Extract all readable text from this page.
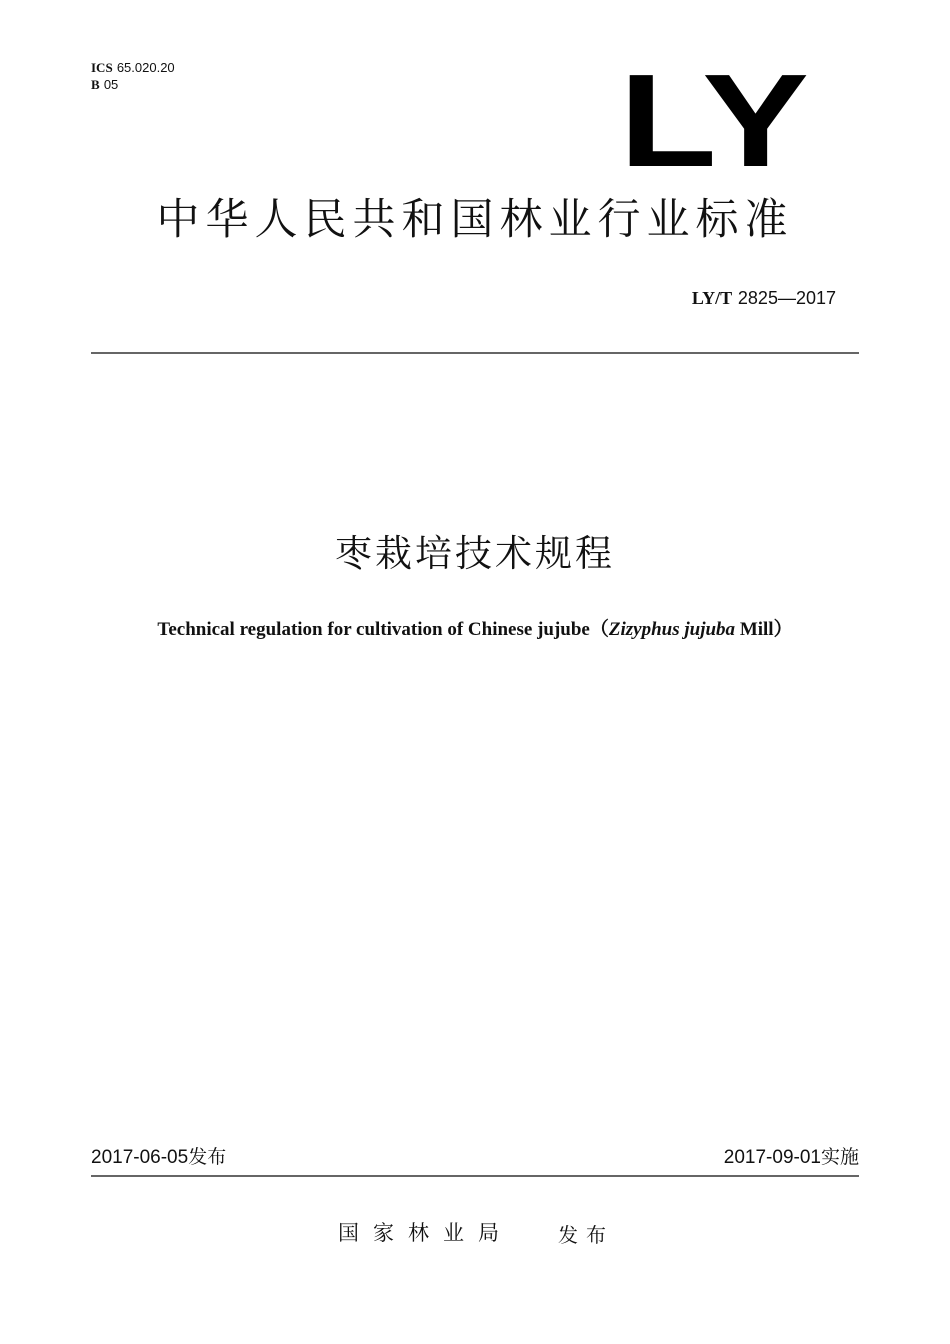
ICS 65.020.20
B 05	LY
中华人民共和国林业行业标准
LY/T 2825—2017
枣栽培技术规程
Technical regulation for cultivation of Chinese jujube（Zizyphus jujuba Mill）
2017-06-05发布	2017-09-01实施
国家林业局 发布
